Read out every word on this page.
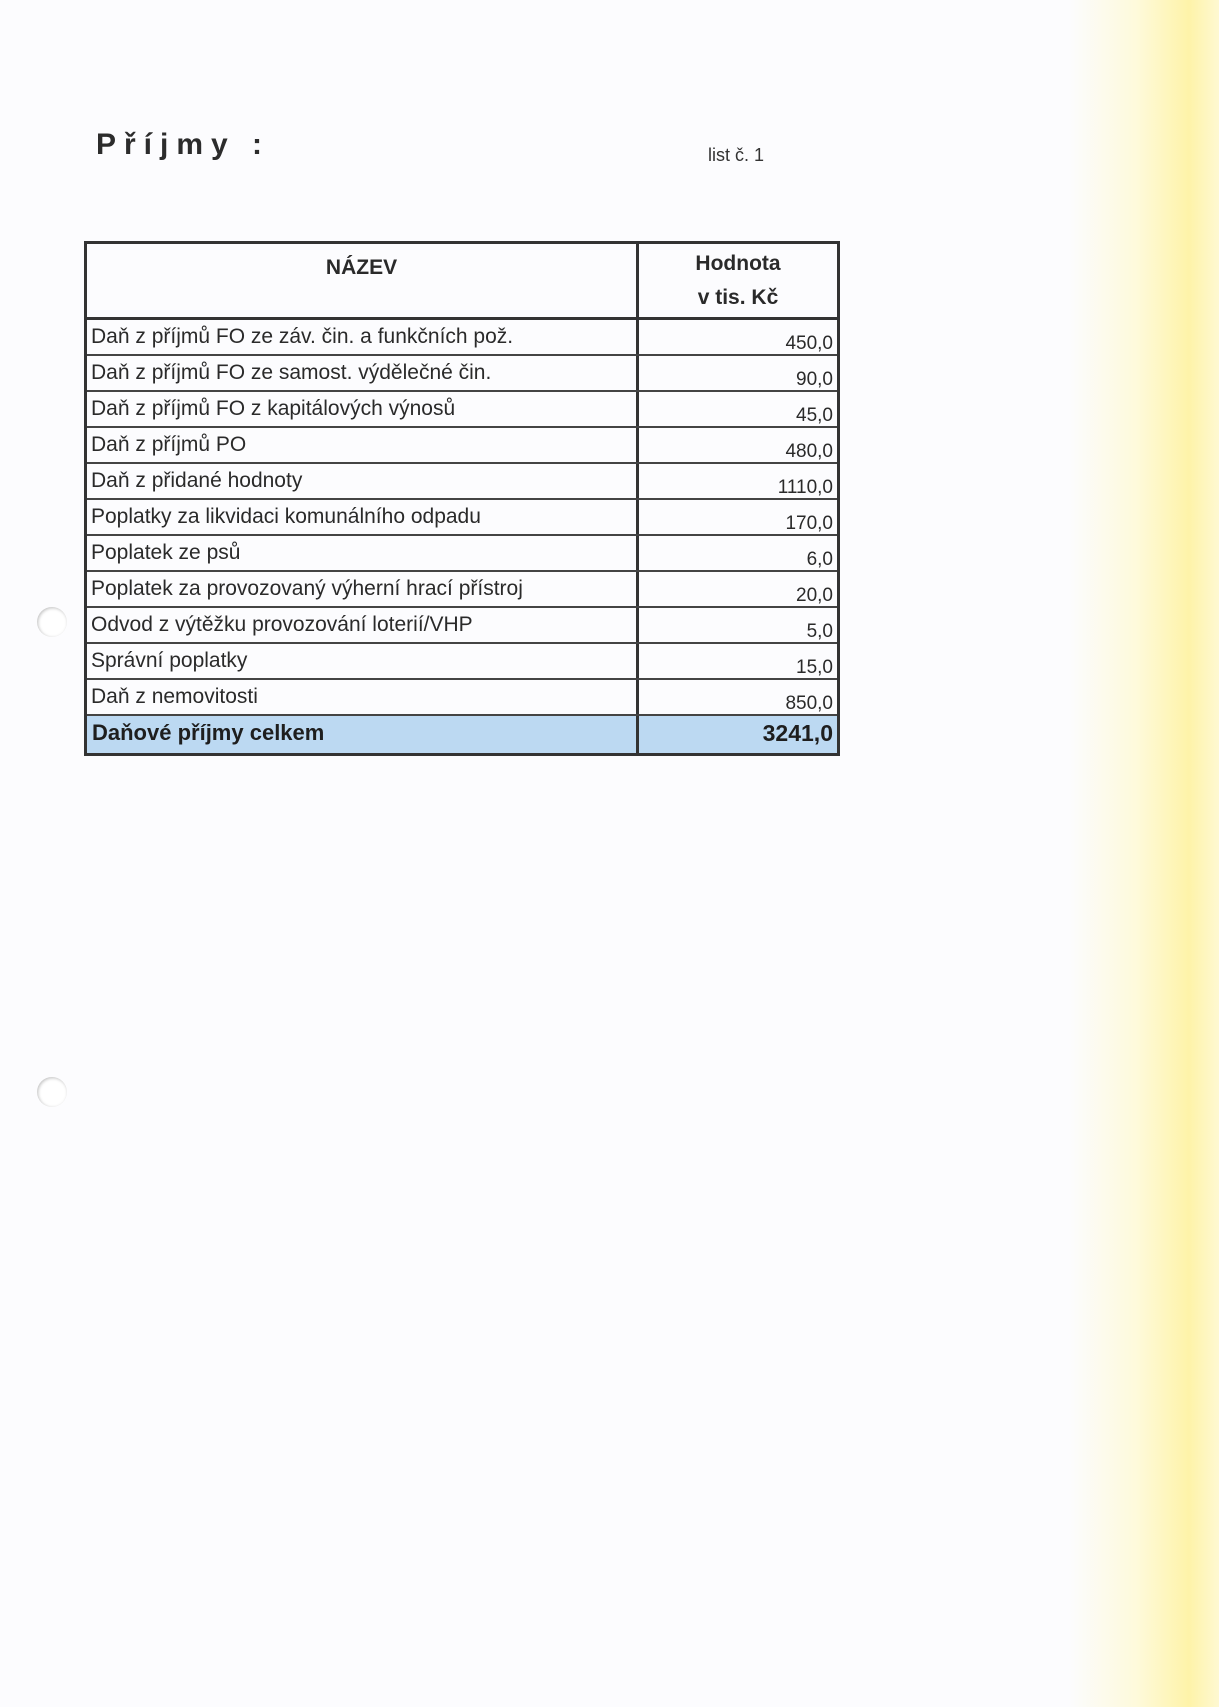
Příjmy :	list č. 1
NÁZEV	Hodnota
v tis. Kč
Daň z příjmů FO ze záv. čin. a funkčních pož.	450,0
Daň z příjmů FO ze samost. výdělečné čin.	90,0
Daň z příjmů FO z kapitálových výnosů	45,0
Daň z příjmů PO	480,0
Daň z přidané hodnoty	1110,0
Poplatky za likvidaci komunálního odpadu	170,0
Poplatek ze psů	6,0
Poplatek za provozovaný výherní hrací přístroj	20,0
Odvod z výtěžku provozování loterií/VHP	5,0
Správní poplatky	15,0
Daň z nemovitosti	850,0
Daňové příjmy celkem	3241,0
